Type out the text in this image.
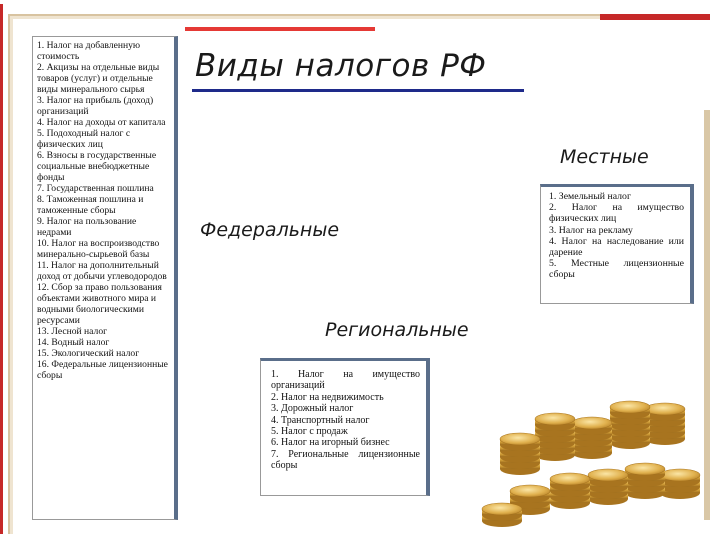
1. Налог на добавленную стоимость
2. Акцизы на отдельные виды товаров (услуг) и отдельные виды минерального сырья
3. Налог на прибыль (доход) организаций
4. Налог на доходы от капитала
5. Подоходный налог с физических лиц
6. Взносы в государственные социальные внебюджетные фонды
7. Государственная пошлина
8. Таможенная пошлина и таможенные сборы
9. Налог на пользование недрами
10. Налог на воспроизводство минерально-сырьевой базы
11. Налог на дополнительный доход от добычи углеводородов
12. Сбор за право пользования объектами животного мира и водными биологическими ресурсами
13. Лесной налог
14. Водный налог
15. Экологический налог
16. Федеральные лицензионные сборы
Виды налогов РФ
Местные
Федеральные
Региональные
1. Земельный налог
2. Налог на имущество физических лиц
3. Налог на рекламу
4. Налог на наследование или дарение
5. Местные лицензионные сборы
1. Налог на имущество организаций
2. Налог на недвижимость
3. Дорожный налог
4. Транспортный налог
5. Налог с продаж
6. Налог на игорный бизнес
7. Региональные лицензионные сборы
